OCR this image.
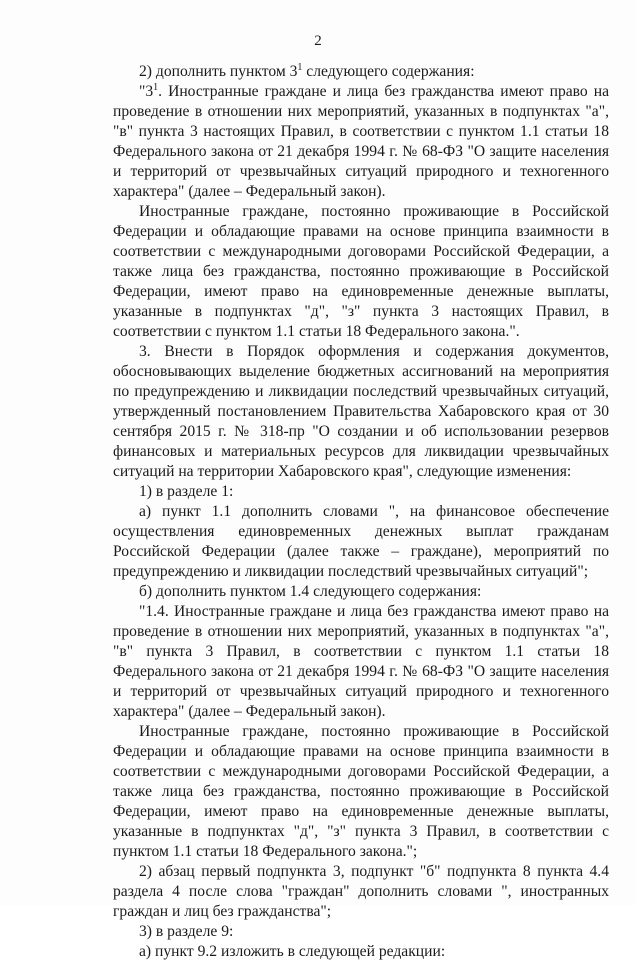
2

2) дополнить пунктом $3^1$ следующего содержания:

"$3^1$. Иностранные граждане и лица без гражданства имеют право на проведение в отношении них мероприятий, указанных в подпунктах "а", "в" пункта 3 настоящих Правил, в соответствии с пунктом 1.1 статьи 18 Федерального закона от 21 декабря 1994 г. № 68-ФЗ "О защите населения и территорий от чрезвычайных ситуаций природного и техногенного характера" (далее – Федеральный закон).

Иностранные граждане, постоянно проживающие в Российской Федерации и обладающие правами на основе принципа взаимности в соответствии с международными договорами Российской Федерации, а также лица без гражданства, постоянно проживающие в Российской Федерации, имеют право на единовременные денежные выплаты, указанные в подпунктах "д", "з" пункта 3 настоящих Правил, в соответствии с пунктом 1.1 статьи 18 Федерального закона.".

3. Внести в Порядок оформления и содержания документов, обосновывающих выделение бюджетных ассигнований на мероприятия по предупреждению и ликвидации последствий чрезвычайных ситуаций, утвержденный постановлением Правительства Хабаровского края от 30 сентября 2015 г. № 318-пр "О создании и об использовании резервов финансовых и материальных ресурсов для ликвидации чрезвычайных ситуаций на территории Хабаровского края", следующие изменения:

1) в разделе 1:

а) пункт 1.1 дополнить словами ", на финансовое обеспечение осуществления единовременных денежных выплат гражданам Российской Федерации (далее также – граждане), мероприятий по предупреждению и ликвидации последствий чрезвычайных ситуаций";

б) дополнить пунктом 1.4 следующего содержания:

"1.4. Иностранные граждане и лица без гражданства имеют право на проведение в отношении них мероприятий, указанных в подпунктах "а", "в" пункта 3 Правил, в соответствии с пунктом 1.1 статьи 18 Федерального закона от 21 декабря 1994 г. № 68-ФЗ "О защите населения и территорий от чрезвычайных ситуаций природного и техногенного характера" (далее – Федеральный закон).

Иностранные граждане, постоянно проживающие в Российской Федерации и обладающие правами на основе принципа взаимности в соответствии с международными договорами Российской Федерации, а также лица без гражданства, постоянно проживающие в Российской Федерации, имеют право на единовременные денежные выплаты, указанные в подпунктах "д", "з" пункта 3 Правил, в соответствии с пунктом 1.1 статьи 18 Федерального закона.";

2) абзац первый подпункта 3, подпункт "б" подпункта 8 пункта 4.4 раздела 4 после слова "граждан" дополнить словами ", иностранных граждан и лиц без гражданства";

3) в разделе 9:

а) пункт 9.2 изложить в следующей редакции:
